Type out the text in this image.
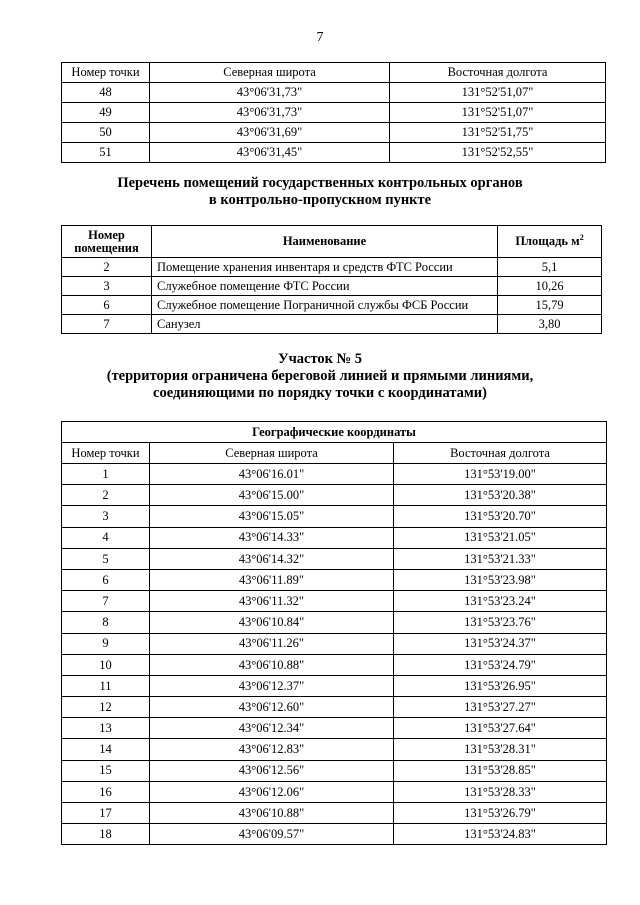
7
Номер точки	Северная широта	Восточная долгота
48	43°06'31,73"	131°52'51,07"
49	43°06'31,73"	131°52'51,07"
50	43°06'31,69"	131°52'51,75"
51	43°06'31,45"	131°52'52,55"
Перечень помещений государственных контрольных органов
в контрольно-пропускном пункте
Номер
помещения	Наименование	Площадь $м^2$
2	Помещение хранения инвентаря и средств ФТС России	5,1
3	Служебное помещение ФТС России	10,26
6	Служебное помещение Пограничной службы ФСБ России	15,79
7	Санузел	3,80
Участок № 5
(территория ограничена береговой линией и прямыми линиями,
соединяющими по порядку точки с координатами)
Географические координаты		
Номер точки	Северная широта	Восточная долгота
1	43°06'16.01"	131°53'19.00"
2	43°06'15.00"	131°53'20.38"
3	43°06'15.05"	131°53'20.70"
4	43°06'14.33"	131°53'21.05"
5	43°06'14.32"	131°53'21.33"
6	43°06'11.89"	131°53'23.98"
7	43°06'11.32"	131°53'23.24"
8	43°06'10.84"	131°53'23.76"
9	43°06'11.26"	131°53'24.37"
10	43°06'10.88"	131°53'24.79"
11	43°06'12.37"	131°53'26.95"
12	43°06'12.60"	131°53'27.27"
13	43°06'12.34"	131°53'27.64"
14	43°06'12.83"	131°53'28.31"
15	43°06'12.56"	131°53'28.85"
16	43°06'12.06"	131°53'28.33"
17	43°06'10.88"	131°53'26.79"
18	43°06'09.57"	131°53'24.83"
